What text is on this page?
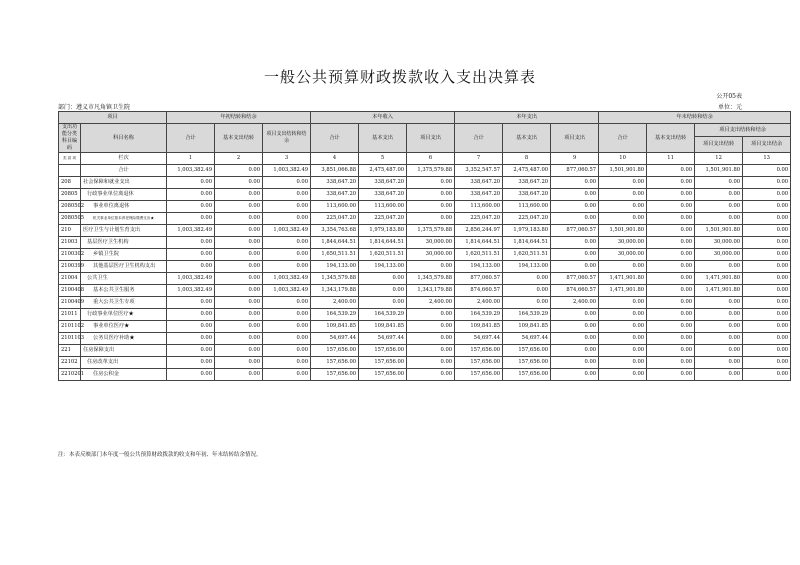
一般公共预算财政拨款收入支出决算表
公开05表
部门：遵义市凡角镇卫生院	单位：元
项目		年初结转和结余			本年收入			本年支出			年末结转和结余			
支出功能分类科目编码	科目名称	合计	基本支出结转	项目支出结转和结余	合计	基本支出	项目支出	合计	基本支出	项目支出	合计	基本支出结转	项目支出结转和结余	
													项目支出结转	项目支出结余
类 款 项	栏次	1	2	3	4	5	6	7	8	9	10	11	12	13
	合计	1,003,382.49	0.00	1,003,382.49	3,851,066.88	2,475,487.00	1,375,579.88	3,352,547.57	2,475,487.00	877,060.57	1,501,901.80	0.00	1,501,901.80	0.00
208	社会保障和就业支出	0.00	0.00	0.00	338,647.20	338,647.20	0.00	338,647.20	338,647.20	0.00	0.00	0.00	0.00	0.00
20805	行政事业单位离退休	0.00	0.00	0.00	338,647.20	338,647.20	0.00	338,647.20	338,647.20	0.00	0.00	0.00	0.00	0.00
2080502	事业单位离退休	0.00	0.00	0.00	113,600.00	113,600.00	0.00	113,600.00	113,600.00	0.00	0.00	0.00	0.00	0.00
2080505	机关事业单位基本养老保险缴费支出★	0.00	0.00	0.00	225,047.20	225,047.20	0.00	225,047.20	225,047.20	0.00	0.00	0.00	0.00	0.00
210	医疗卫生与计划生育支出	1,003,382.49	0.00	1,003,382.49	3,354,763.68	1,979,183.80	1,375,579.88	2,856,244.97	1,979,183.80	877,060.57	1,501,901.80	0.00	1,501,901.80	0.00
21003	基层医疗卫生机构	0.00	0.00	0.00	1,844,644.51	1,814,644.51	30,000.00	1,814,644.51	1,814,644.51	0.00	30,000.00	0.00	30,000.00	0.00
2100302	乡镇卫生院	0.00	0.00	0.00	1,650,511.51	1,620,511.51	30,000.00	1,620,511.51	1,620,511.51	0.00	30,000.00	0.00	30,000.00	0.00
2100399	其他基层医疗卫生机构支出	0.00	0.00	0.00	194,133.00	194,133.00	0.00	194,133.00	194,133.00	0.00	0.00	0.00	0.00	0.00
21004	公共卫生	1,003,382.49	0.00	1,003,382.49	1,345,579.88	0.00	1,345,579.88	877,060.57	0.00	877,060.57	1,471,901.80	0.00	1,471,901.80	0.00
2100408	基本公共卫生服务	1,003,382.49	0.00	1,003,382.49	1,343,179.88	0.00	1,343,179.88	874,660.57	0.00	874,660.57	1,471,901.80	0.00	1,471,901.80	0.00
2100409	重大公共卫生专项	0.00	0.00	0.00	2,400.00	0.00	2,400.00	2,400.00	0.00	2,400.00	0.00	0.00	0.00	0.00
21011	行政事业单位医疗★	0.00	0.00	0.00	164,539.29	164,539.29	0.00	164,539.29	164,539.29	0.00	0.00	0.00	0.00	0.00
2101102	事业单位医疗★	0.00	0.00	0.00	109,841.85	109,841.85	0.00	109,841.85	109,841.85	0.00	0.00	0.00	0.00	0.00
2101103	公务员医疗补助★	0.00	0.00	0.00	54,697.44	54,697.44	0.00	54,697.44	54,697.44	0.00	0.00	0.00	0.00	0.00
221	住房保障支出	0.00	0.00	0.00	157,656.00	157,656.00	0.00	157,656.00	157,656.00	0.00	0.00	0.00	0.00	0.00
22102	住房改革支出	0.00	0.00	0.00	157,656.00	157,656.00	0.00	157,656.00	157,656.00	0.00	0.00	0.00	0.00	0.00
2210201	住房公积金	0.00	0.00	0.00	157,656.00	157,656.00	0.00	157,656.00	157,656.00	0.00	0.00	0.00	0.00	0.00
注：本表反映部门本年度一般公共预算财政拨款的收支和年初、年末结转结余情况。
